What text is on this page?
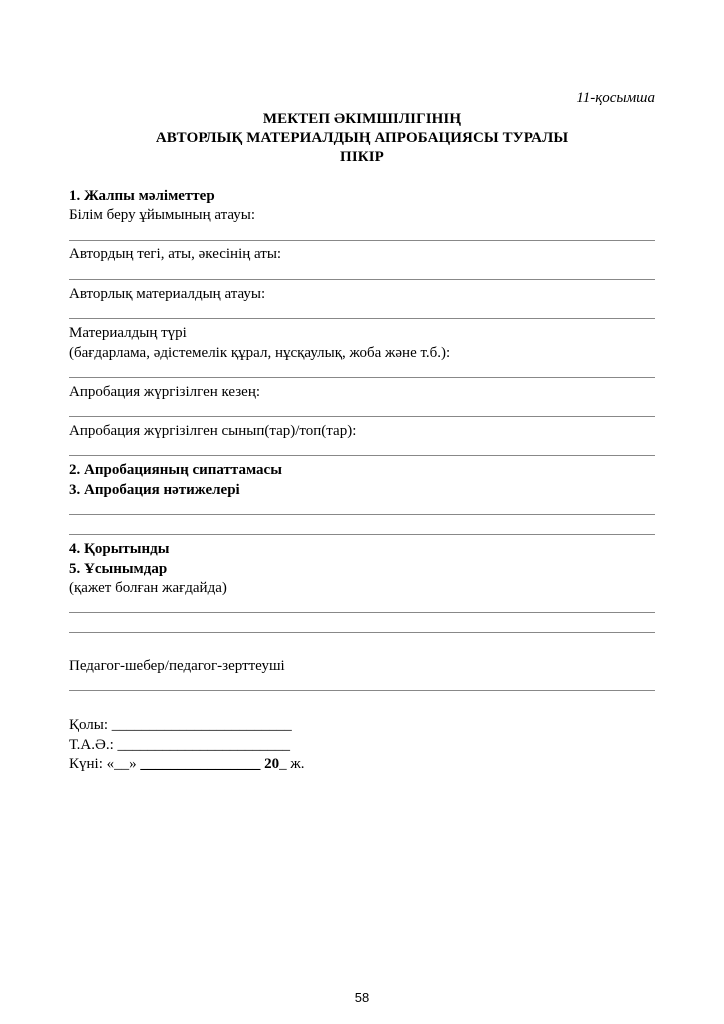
11-қосымша
МЕКТЕП ӘКІМШІЛІГІНІҢ
АВТОРЛЫҚ МАТЕРИАЛДЫҢ АПРОБАЦИЯСЫ ТУРАЛЫ
ПІКІР
1. Жалпы мәліметтер
Білім беру ұйымының атауы:
Автордың тегі, аты, әкесінің аты:
Авторлық материалдың атауы:
Материалдың түрі
(бағдарлама, әдістемелік құрал, нұсқаулық, жоба және т.б.):
Апробация жүргізілген кезең:
Апробация жүргізілген сынып(тар)/топ(тар):
2. Апробацияның сипаттамасы
3. Апробация нәтижелері
4. Қорытынды
5. Ұсынымдар
(қажет болған жағдайда)
Педагог-шебер/педагог-зерттеуші
Қолы: ________________________
Т.А.Ә.: _______________________
Күні: «__» ________________ 20_ ж.
58
